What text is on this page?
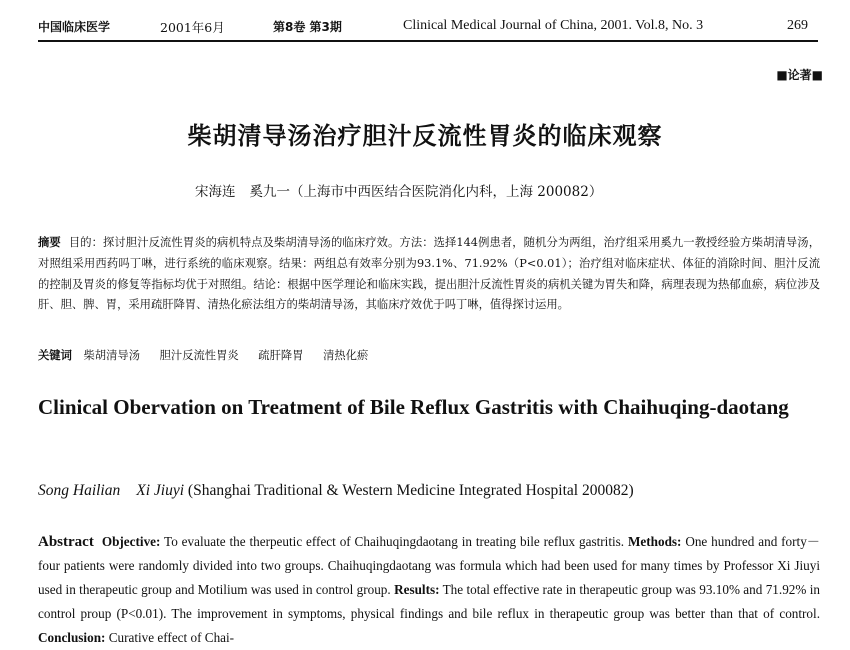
中国临床医学	2001年6月	第8卷 第3期	Clinical Medical Journal of China, 2001. Vol.8, No. 3	269
■论著■
柴胡清导汤治疗胆汁反流性胃炎的临床观察
宋海连 奚九一（上海市中西医结合医院消化内科，上海 200082）
摘要 目的：探讨胆汁反流性胃炎的病机特点及柴胡清导汤的临床疗效。方法：选择144例患者，随机分为两组，治疗组采用奚九一教授经验方柴胡清导汤，对照组采用西药吗丁啉，进行系统的临床观察。结果：两组总有效率分别为93.1%、71.92%（P<0.01）；治疗组对临床症状、体征的消除时间、胆汁反流的控制及胃炎的修复等指标均优于对照组。结论：根据中医学理论和临床实践，提出胆汁反流性胃炎的病机关键为胃失和降，病理表现为热郁血瘀，病位涉及肝、胆、脾、胃，采用疏肝降胃、清热化瘀法组方的柴胡清导汤，其临床疗效优于吗丁啉，值得探讨运用。
关键词 柴胡清导汤 胆汁反流性胃炎 疏肝降胃 清热化瘀
Clinical Obervation on Treatment of Bile Reflux Gastritis with Chaihuqing-daotang
Song Hailian Xi Jiuyi (Shanghai Traditional & Western Medicine Integrated Hospital 200082)
Abstract Objective: To evaluate the therpeutic effect of Chaihuqingdaotang in treating bile reflux gastritis. Methods: One hundred and forty－four patients were randomly divided into two groups. Chaihuqingdaotang was formula which had been used for many times by Professor Xi Jiuyi used in therapeutic group and Motilium was used in control group. Results: The total effective rate in therapeutic group was 93.10% and 71.92% in control proup (P<0.01). The improvement in symptoms, physical findings and bile reflux in therapeutic group was better than that of control. Conclusion: Curative effect of Chai-
